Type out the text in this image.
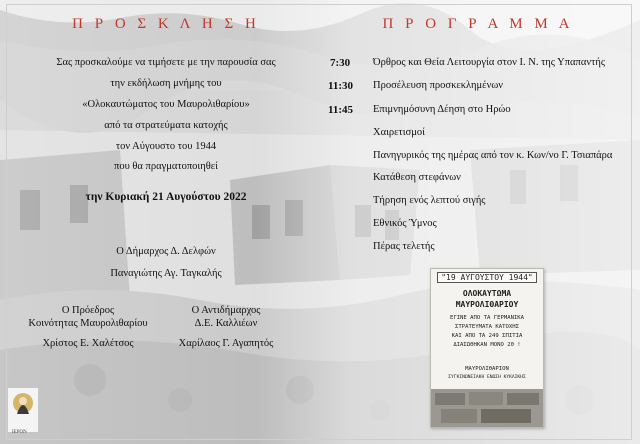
Π Ρ Ο Σ Κ Λ Η Σ Η
Σας προσκαλούμε να τιμήσετε με την παρουσία σας
την εκδήλωση μνήμης του
«Ολοκαυτώματος του Μαυρολιθαρίου»
από τα στρατεύματα κατοχής
τον Αύγουστο του 1944
που θα πραγματοποιηθεί
την Κυριακή 21 Αυγούστου 2022
Ο Δήμαρχος Δ. Δελφών
Παναγιώτης Αγ. Ταγκαλής
Ο Πρόεδρος
Κοινότητας Μαυρολιθαρίου
Χρίστος Ε. Χαλέτσος
Ο Αντιδήμαρχος
Δ.Ε. Καλλιέων
Χαρίλαος Γ. Αγαπητός
Π Ρ Ο Γ Ρ Α Μ Μ Α
7:30 Όρθρος και Θεία Λειτουργία στον Ι. Ν. της Υπαπαντής
11:30 Προσέλευση προσκεκλημένων
11:45 Επιμνημόσυνη Δέηση στο Ηρώο
Χαιρετισμοί
Πανηγυρικός της ημέρας από τον κ. Κων/νο Γ. Τσιαπάρα
Κατάθεση στεφάνων
Τήρηση ενός λεπτού σιγής
Εθνικός Ύμνος
Πέρας τελετής
"19 ΑΥΓΟΥΣΤΟΥ 1944"
ΟΛΟΚΑΥΤΩΜΑ
ΜΑΥΡΟΛΙΘΑΡΙΟΥ
ΕΓΙΝΕ ΑΠΟ ΤΑ ΓΕΡΜΑΝΙΚΑ
ΣΤΡΑΤΕΥΜΑΤΑ ΚΑΤΟΧΗΣ
ΚΑΙ ΑΠΟ ΤΑ 249 ΣΠΙΤΙΑ
ΔΙΑΣΩΘΗΚΑΝ ΜΟΝΟ 20 !
ΜΑΥΡΟΛΙΘΑΡΙΟΝ
ΣΥΓΚΙΝΩΝΕΙΑΚΗ ΕΝΩΣΗ ΚΥΚΛΙΚΗΣ
ΙΕΡΟΝ
